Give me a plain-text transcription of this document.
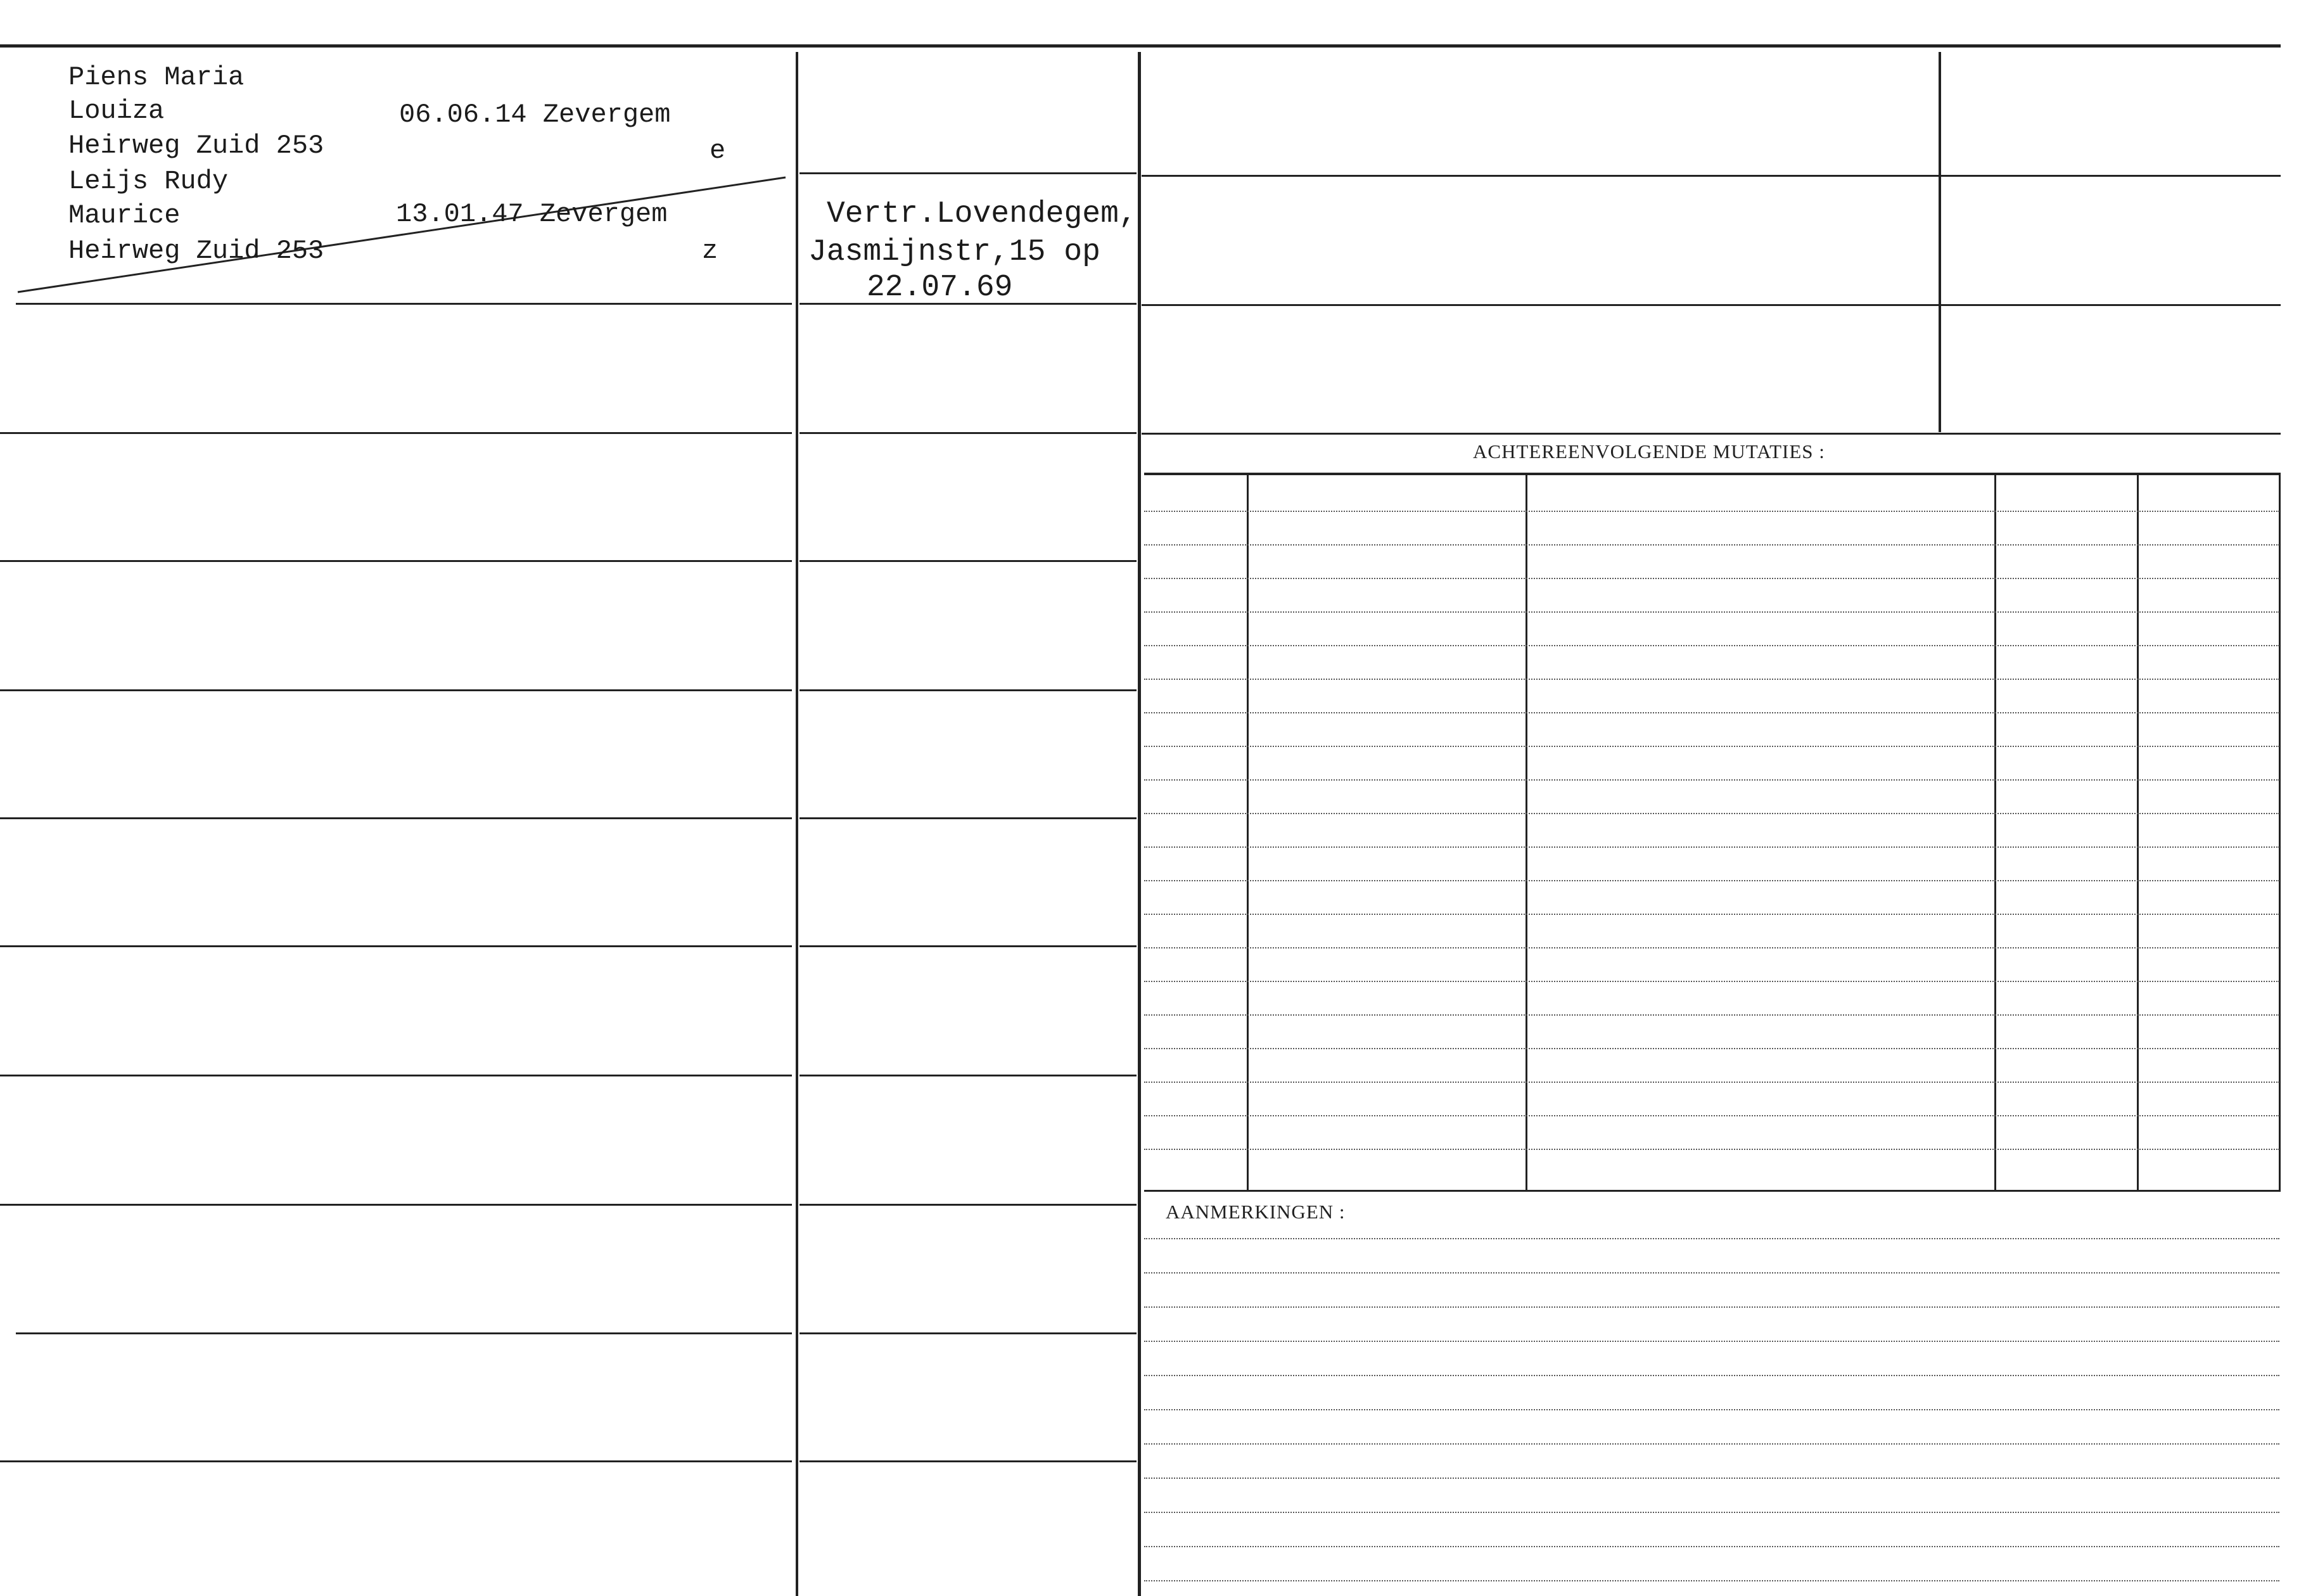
Piens Maria
Louiza
Heirweg Zuid 253
06.06.14 Zevergem
e
Leijs Rudy
Maurice
Heirweg Zuid 253
13.01.47 Zevergem
z
Vertr.Lovendegem,
Jasmijnstr,15 op
22.07.69
ACHTEREENVOLGENDE MUTATIES :
AANMERKINGEN :
